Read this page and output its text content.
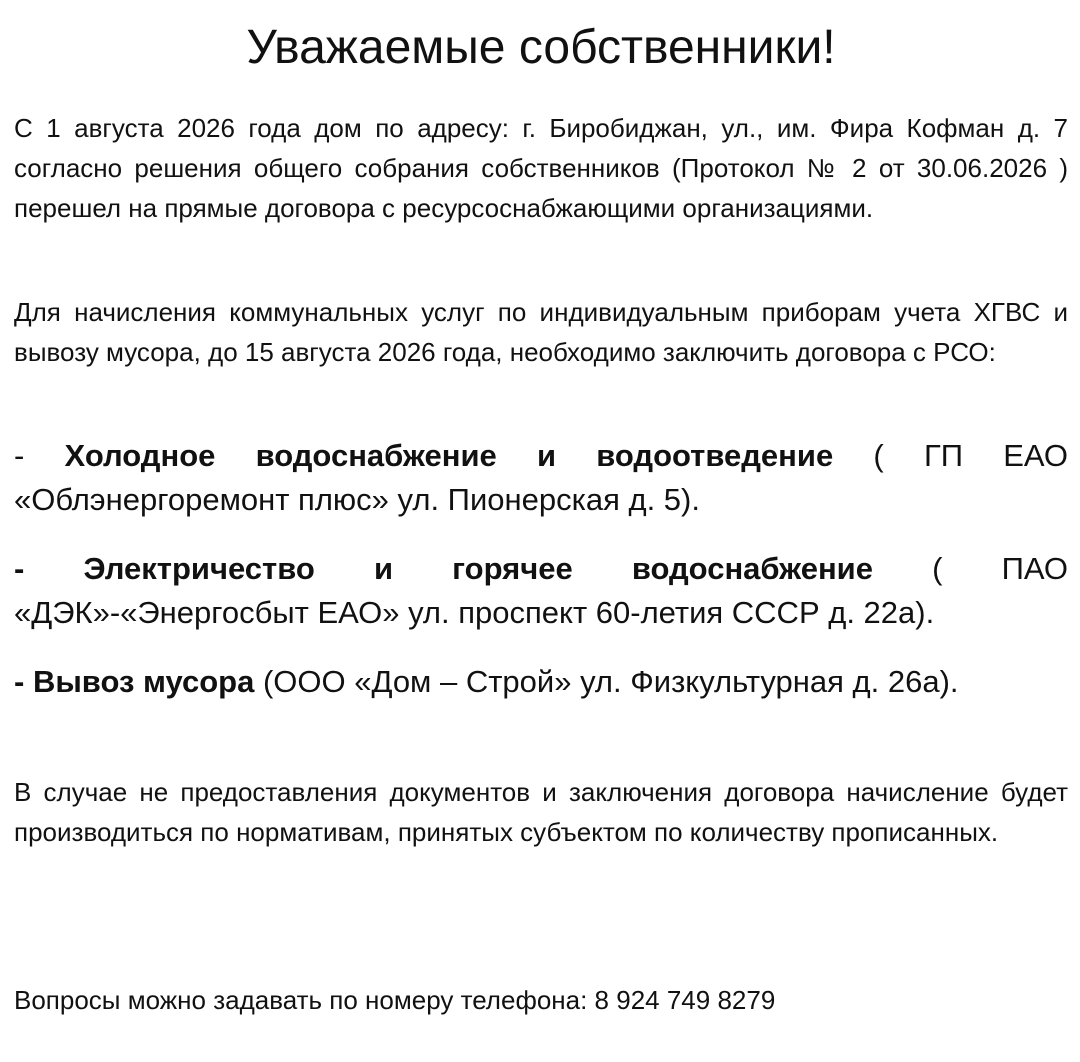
Уважаемые собственники!

С 1 августа 2026 года дом по адресу: г. Биробиджан, ул., им. Фира Кофман д. 7 согласно решения общего собрания собственников (Протокол № 2 от 30.06.2026 ) перешел на прямые договора с ресурсоснабжающими организациями.

Для начисления коммунальных услуг по индивидуальным приборам учета ХГВС и вывозу мусора, до 15 августа 2026 года, необходимо заключить договора с РСО:

- Холодное водоснабжение и водоотведение ( ГП ЕАО «Облэнергоремонт плюс» ул. Пионерская д. 5).

- Электричество и горячее водоснабжение ( ПАО «ДЭК»-«Энергосбыт ЕАО» ул. проспект 60-летия СССР д. 22а).

- Вывоз мусора (ООО «Дом – Строй» ул. Физкультурная д. 26а).

В случае не предоставления документов и заключения договора начисление будет производиться по нормативам, принятых субъектом по количеству прописанных.

Вопросы можно задавать по номеру телефона: 8 924 749 8279
